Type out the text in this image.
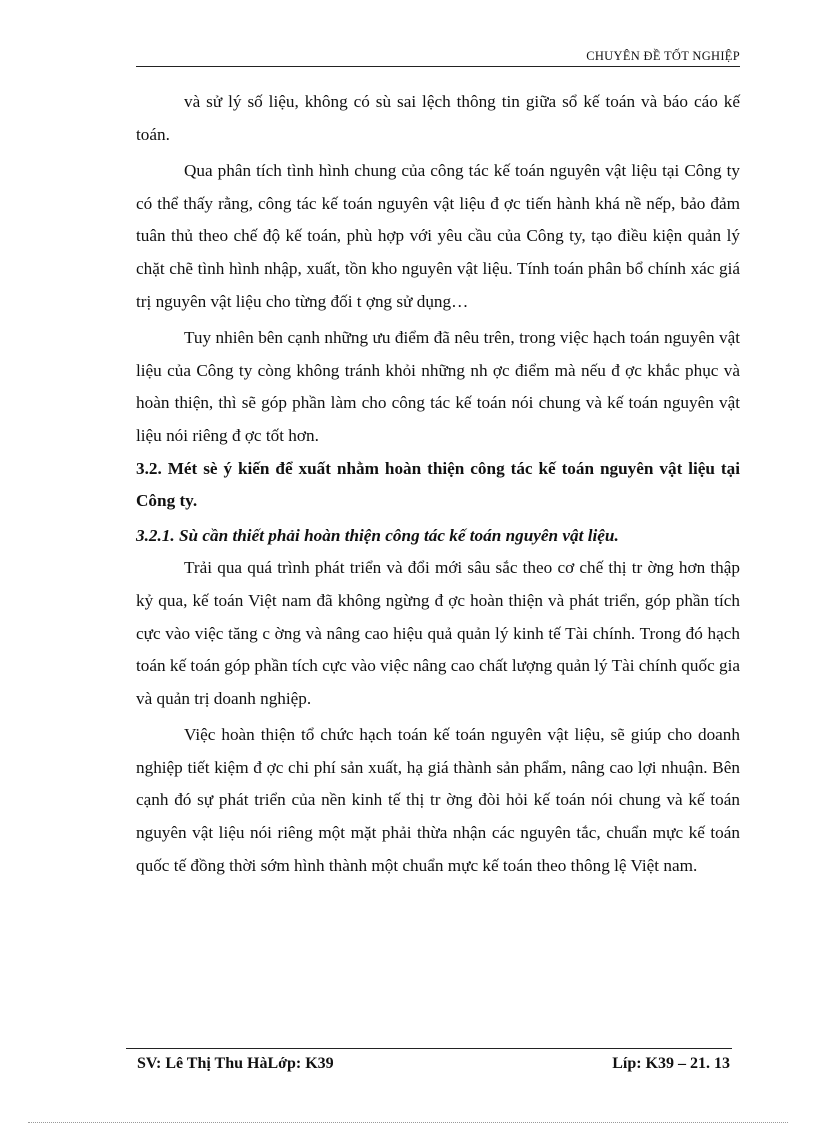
CHUYÊN ĐỀ TỐT NGHIỆP

và sử lý số liệu, không có sù sai lệch thông tin giữa sổ kế toán và báo cáo kế toán.

Qua phân tích tình hình chung của công tác kế toán nguyên vật liệu tại Công ty có thể thấy rằng, công tác kế toán nguyên vật liệu đ ợc tiến hành khá nề nếp, bảo đảm tuân thủ theo chế độ kế toán, phù hợp với yêu cầu của Công ty, tạo điều kiện quản lý chặt chẽ tình hình nhập, xuất, tồn kho nguyên vật liệu. Tính toán phân bổ chính xác giá trị nguyên vật liệu cho từng đối t ợng sử dụng…

Tuy nhiên bên cạnh những ưu điểm đã nêu trên, trong việc hạch toán nguyên vật liệu của Công ty còng không tránh khỏi những nh ợc điểm mà nếu đ ợc khắc phục và hoàn thiện, thì sẽ góp phần làm cho công tác kế toán nói chung và kế toán nguyên vật liệu nói riêng đ ợc tốt hơn.

3.2. Mét sè ý kiến để xuất nhằm hoàn thiện công tác kế toán nguyên vật liệu tại Công ty.

3.2.1. Sù cần thiết phải hoàn thiện công tác kế toán nguyên vật liệu.

Trải qua quá trình phát triển và đổi mới sâu sắc theo cơ chế thị tr ờng hơn thập kỷ qua, kế toán Việt nam đã không ngừng đ ợc hoàn thiện và phát triển, góp phần tích cực vào việc tăng c ờng và nâng cao hiệu quả quản lý kinh tế Tài chính. Trong đó hạch toán kế toán góp phần tích cực vào việc nâng cao chất lượng quản lý Tài chính quốc gia và quản trị doanh nghiệp.

Việc hoàn thiện tổ chức hạch toán kế toán nguyên vật liệu, sẽ giúp cho doanh nghiệp tiết kiệm đ ợc chi phí sản xuất, hạ giá thành sản phẩm, nâng cao lợi nhuận. Bên cạnh đó sự phát triển của nền kinh tế thị tr ờng đòi hỏi kế toán nói chung và kế toán nguyên vật liệu nói riêng một mặt phải thừa nhận các nguyên tắc, chuẩn mực kế toán quốc tế đồng thời sớm hình thành một chuẩn mực kế toán theo thông lệ Việt nam.

SV: Lê Thị Thu HàLớp: K39	Líp: K39 – 21. 13
